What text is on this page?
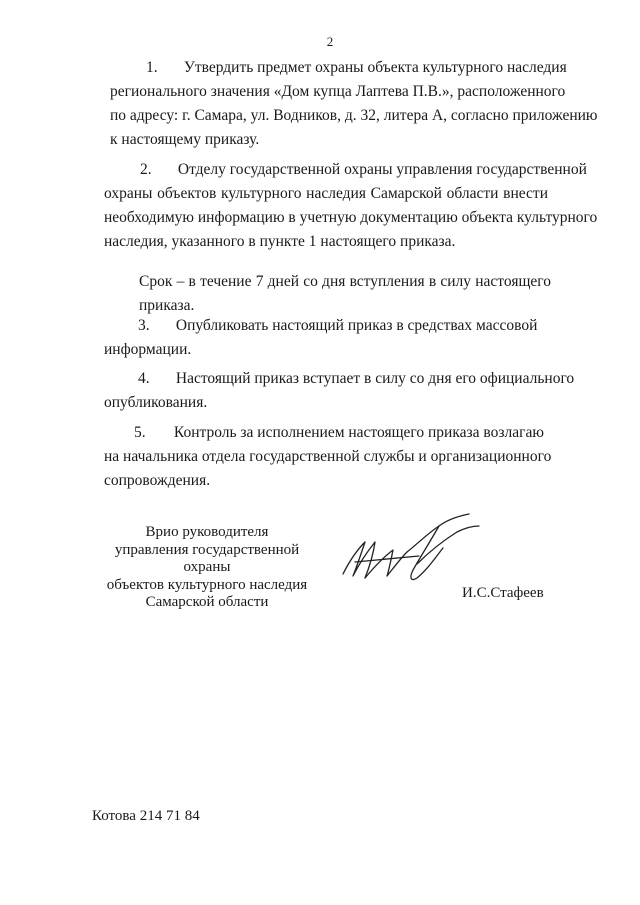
2
1. Утвердить предмет охраны объекта культурного наследия
регионального значения «Дом купца Лаптева П.В.», расположенного
по адресу: г. Самара, ул. Водников, д. 32, литера А, согласно приложению
к настоящему приказу.
2. Отделу государственной охраны управления государственной
охраны объектов культурного наследия Самарской области внести
необходимую информацию в учетную документацию объекта культурного
наследия, указанного в пункте 1 настоящего приказа.
Срок – в течение 7 дней со дня вступления в силу настоящего
приказа.
3. Опубликовать настоящий приказ в средствах массовой
информации.
4. Настоящий приказ вступает в силу со дня его официального
опубликования.
5. Контроль за исполнением настоящего приказа возлагаю
на начальника отдела государственной службы и организационного
сопровождения.
Врио руководителя
управления государственной охраны
объектов культурного наследия
Самарской области
И.С.Стафеев
Котова 214 71 84
